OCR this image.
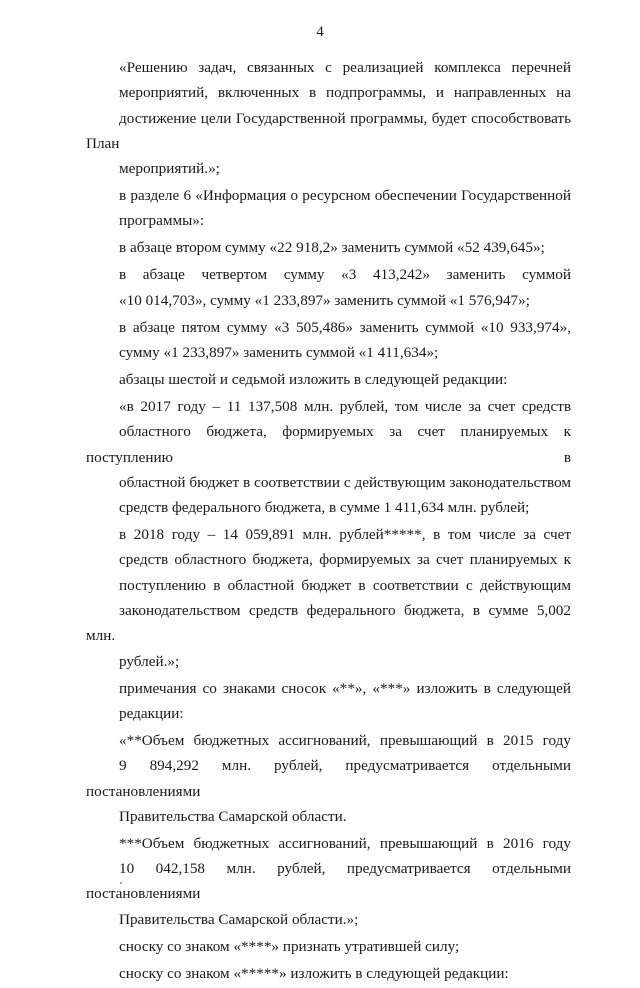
4

«Решению задач, связанных с реализацией комплекса перечней
мероприятий, включенных в подпрограммы, и направленных на
достижение цели Государственной программы, будет способствовать План
мероприятий.»;

в разделе 6 «Информация о ресурсном обеспечении Государственной
программы»:

в абзаце втором сумму «22 918,2» заменить суммой «52 439,645»;

в абзаце четвертом сумму «3 413,242» заменить суммой
«10 014,703», сумму «1 233,897» заменить суммой «1 576,947»;

в абзаце пятом сумму «3 505,486» заменить суммой «10 933,974»,
сумму «1 233,897» заменить суммой «1 411,634»;

абзацы шестой и седьмой изложить в следующей редакции:

«в 2017 году – 11 137,508 млн. рублей, том числе за счет средств
областного бюджета, формируемых за счет планируемых к поступлению в
областной бюджет в соответствии с действующим законодательством
средств федерального бюджета, в сумме 1 411,634 млн. рублей;

в 2018 году – 14 059,891 млн. рублей*****, в том числе за счет
средств областного бюджета, формируемых за счет планируемых к
поступлению в областной бюджет в соответствии с действующим
законодательством средств федерального бюджета, в сумме 5,002 млн.
рублей.»;

примечания со знаками сносок «**», «***» изложить в следующей
редакции:

«**Объем бюджетных ассигнований, превышающий в 2015 году
9 894,292 млн. рублей, предусматривается отдельными постановлениями
Правительства Самарской области.

***Объем бюджетных ассигнований, превышающий в 2016 году
10 042,158 млн. рублей, предусматривается отдельными постановлениями
Правительства Самарской области.»;

сноску со знаком «****» признать утратившей силу;

сноску со знаком «*****» изложить в следующей редакции:
